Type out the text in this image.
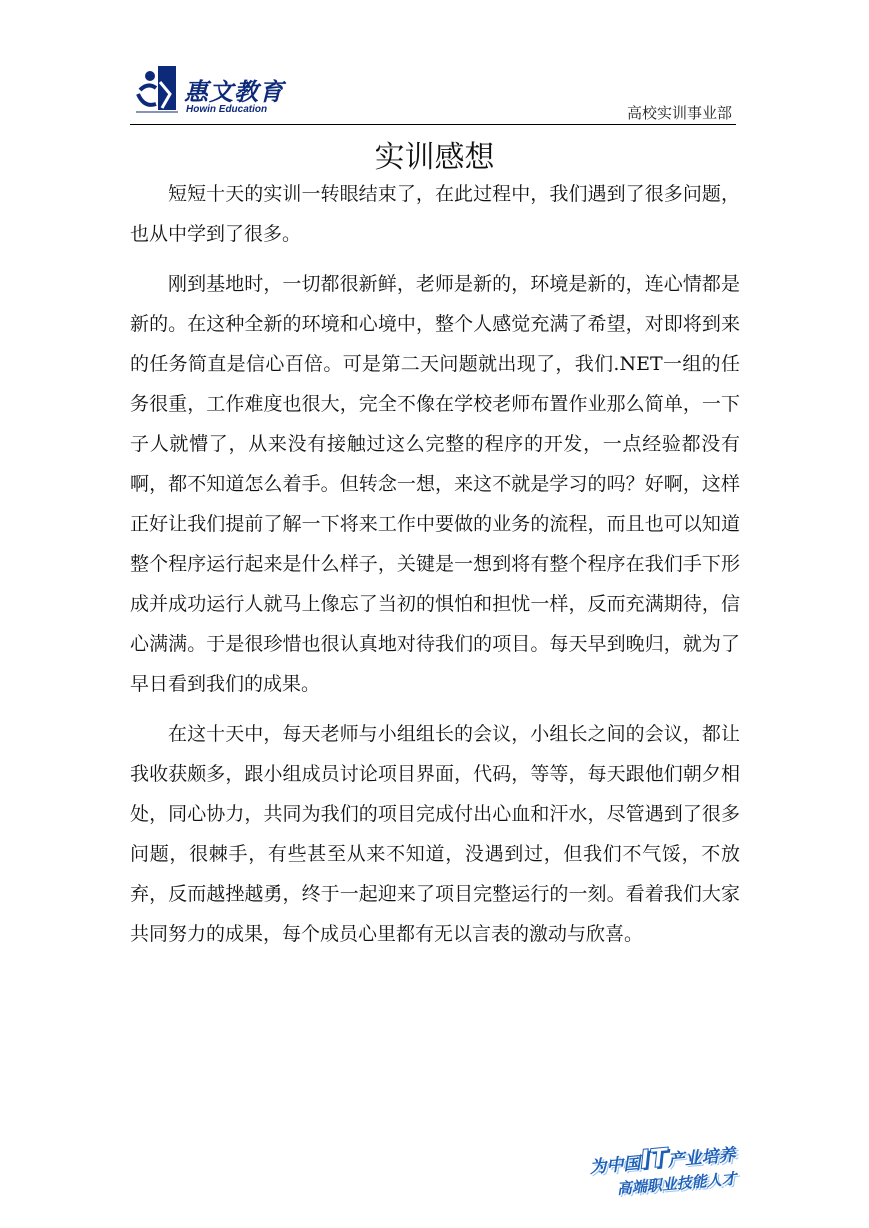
惠文教育
Howin Education	高校实训事业部
实训感想

短短十天的实训一转眼结束了，在此过程中，我们遇到了很多问题，也从中学到了很多。

刚到基地时，一切都很新鲜，老师是新的，环境是新的，连心情都是新的。在这种全新的环境和心境中，整个人感觉充满了希望，对即将到来的任务简直是信心百倍。可是第二天问题就出现了，我们.NET一组的任务很重，工作难度也很大，完全不像在学校老师布置作业那么简单，一下子人就懵了，从来没有接触过这么完整的程序的开发，一点经验都没有啊，都不知道怎么着手。但转念一想，来这不就是学习的吗？好啊，这样正好让我们提前了解一下将来工作中要做的业务的流程，而且也可以知道整个程序运行起来是什么样子，关键是一想到将有整个程序在我们手下形成并成功运行人就马上像忘了当初的惧怕和担忧一样，反而充满期待，信心满满。于是很珍惜也很认真地对待我们的项目。每天早到晚归，就为了早日看到我们的成果。

在这十天中，每天老师与小组组长的会议，小组长之间的会议，都让我收获颇多，跟小组成员讨论项目界面，代码，等等，每天跟他们朝夕相处，同心协力，共同为我们的项目完成付出心血和汗水，尽管遇到了很多问题，很棘手，有些甚至从来不知道，没遇到过，但我们不气馁，不放弃，反而越挫越勇，终于一起迎来了项目完整运行的一刻。看着我们大家共同努力的成果，每个成员心里都有无以言表的激动与欣喜。

为中国IT产业培养
高端职业技能人才
